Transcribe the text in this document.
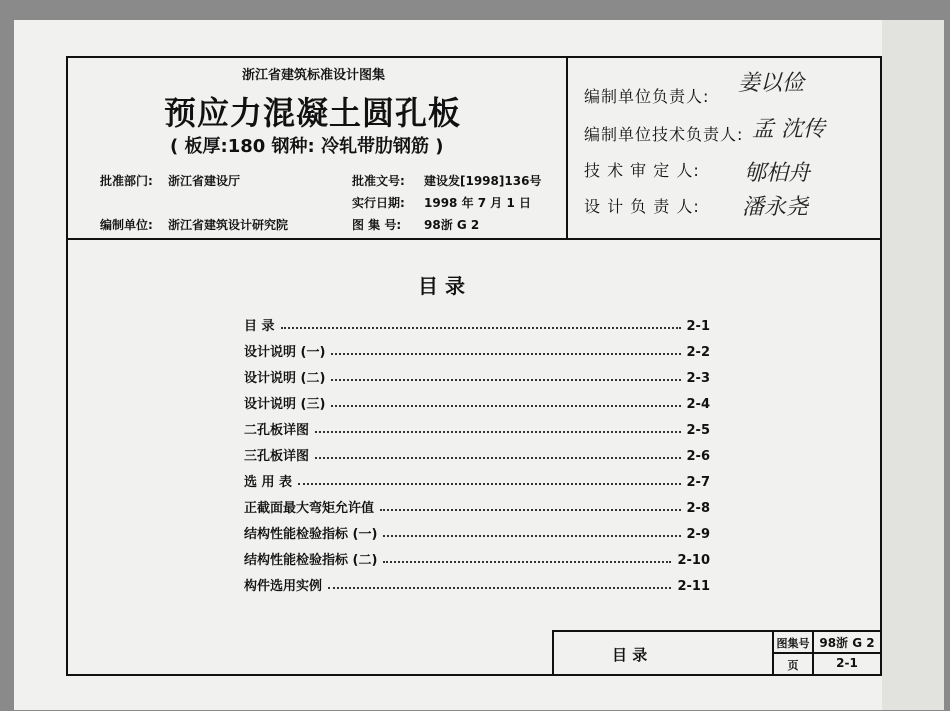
浙江省建筑标准设计图集
预应力混凝土圆孔板
( 板厚:180 钢种: 冷轧带肋钢筋 )
批准部门: 浙江省建设厅	批准文号: 建设发[1998]136号
实行日期: 1998 年 7 月 1 日
编制单位: 浙江省建筑设计研究院	图 集 号: 98浙 G 2
编制单位负责人:
姜以俭
编制单位技术负责人: 孟 沈传
技 术 审 定 人: 郇柏舟
设 计 负 责 人: 潘永尧
目 录
目 录	2-1
设计说明 (一)	2-2
设计说明 (二)	2-3
设计说明 (三)	2-4
二孔板详图	2-5
三孔板详图	2-6
选 用 表	2-7
正截面最大弯矩允许值	2-8
结构性能检验指标 (一)	2-9
结构性能检验指标 (二)	2-10
构件选用实例	2-11
目 录
图集号 98浙 G 2
页	2-1
